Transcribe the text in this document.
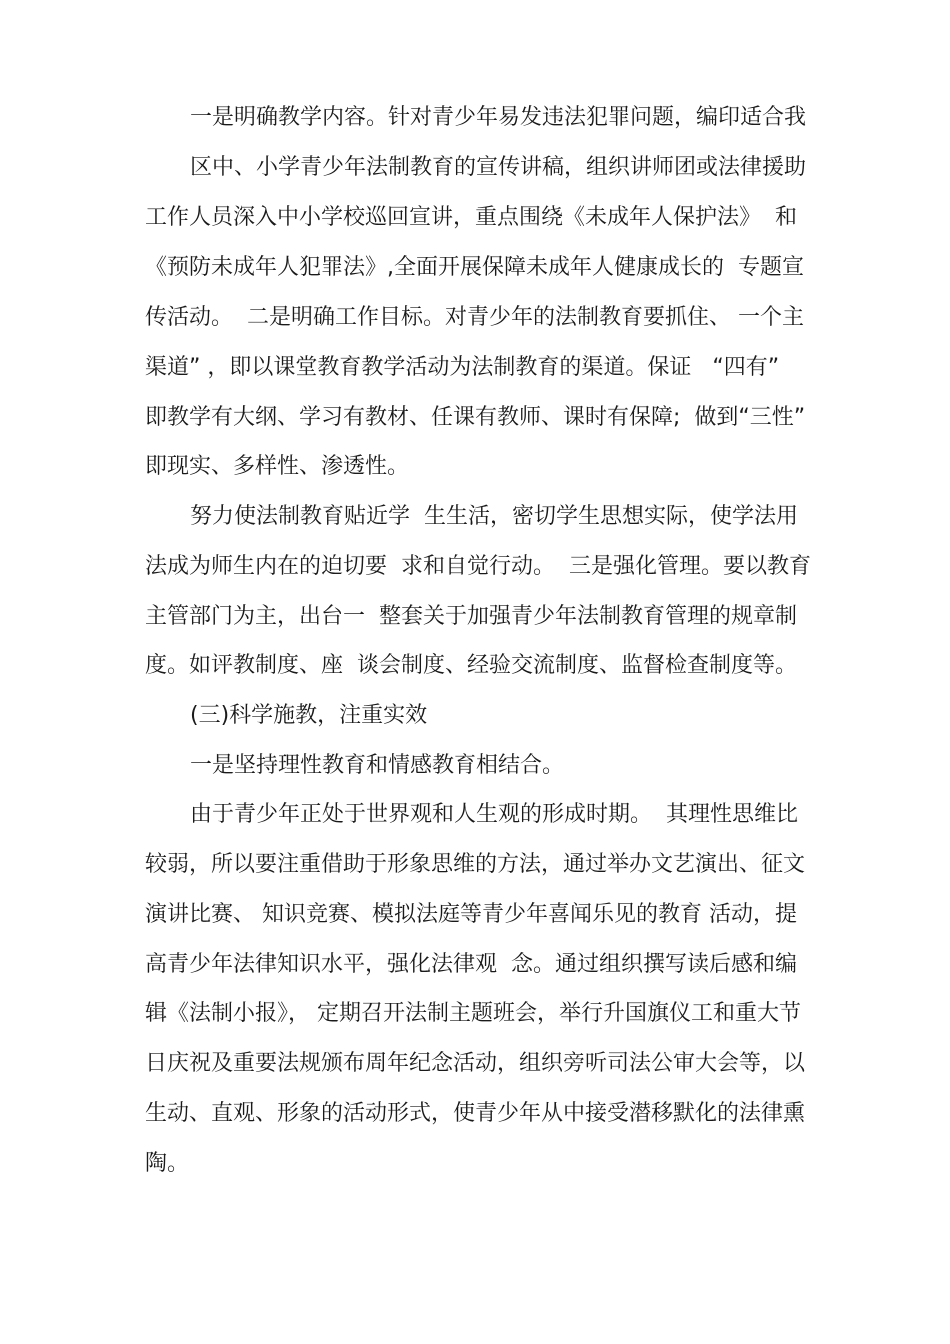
一是明确教学内容。针对青少年易发违法犯罪问题，编印适合我
区中、小学青少年法制教育的宣传讲稿，组织讲师团或法律援助
工作人员深入中小学校巡回宣讲，重点围绕《未成年人保护法》  和
《预防未成年人犯罪法》,全面开展保障未成年人健康成长的  专题宣
传活动。  二是明确工作目标。对青少年的法制教育要抓住、 一个主
渠道” ，即以课堂教育教学活动为法制教育的渠道。保证   “四有”
即教学有大纲、学习有教材、任课有教师、课时有保障;  做到“三性”
即现实、多样性、渗透性。
努力使法制教育贴近学  生生活，密切学生思想实际，使学法用
法成为师生内在的迫切要  求和自觉行动。  三是强化管理。要以教育
主管部门为主，出台一  整套关于加强青少年法制教育管理的规章制
度。如评教制度、座  谈会制度、经验交流制度、监督检查制度等。
(三)科学施教，注重实效
一是坚持理性教育和情感教育相结合。
由于青少年正处于世界观和人生观的形成时期。  其理性思维比
较弱，所以要注重借助于形象思维的方法，通过举办文艺演出、征文
演讲比赛、 知识竞赛、模拟法庭等青少年喜闻乐见的教育 活动，提
高青少年法律知识水平，强化法律观  念。通过组织撰写读后感和编
辑《法制小报》， 定期召开法制主题班会，举行升国旗仪工和重大节
日庆祝及重要法规颁布周年纪念活动，组织旁听司法公审大会等，以
生动、直观、形象的活动形式，使青少年从中接受潜移默化的法律熏
陶。
